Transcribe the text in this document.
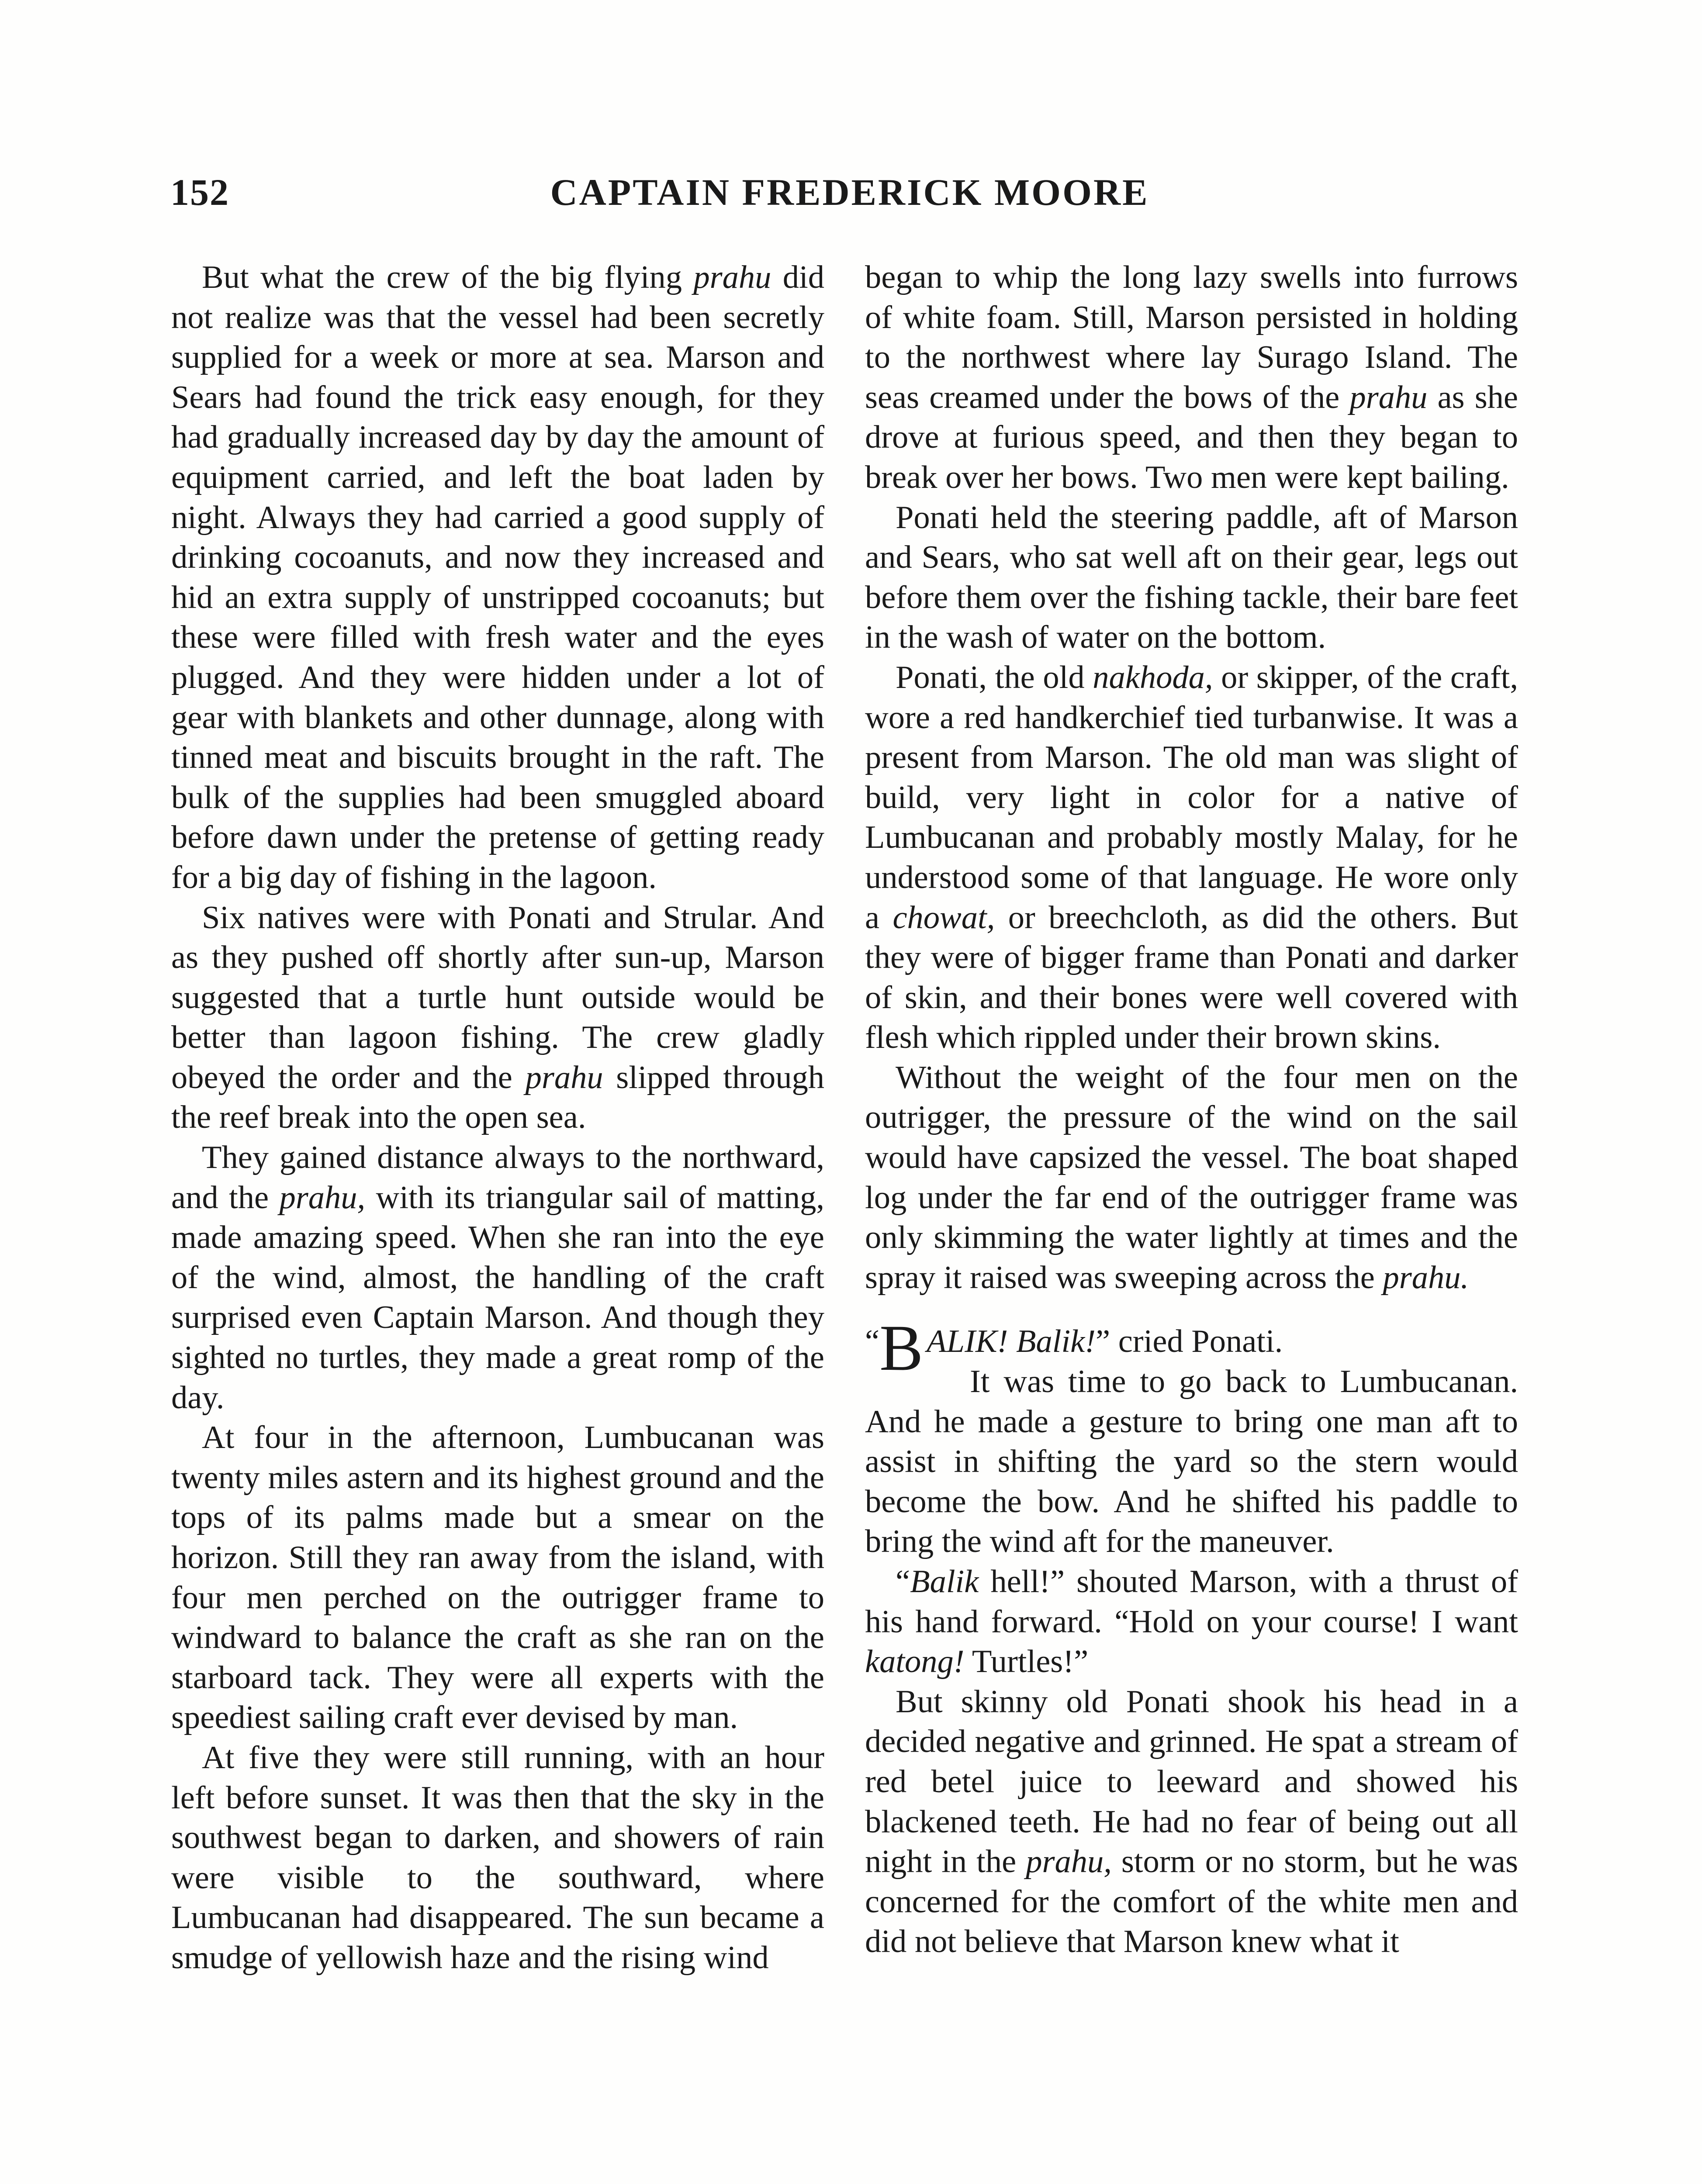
152	CAPTAIN FREDERICK MOORE

But what the crew of the big flying prahu did not realize was that the vessel had been secretly supplied for a week or more at sea. Marson and Sears had found the trick easy enough, for they had gradually increased day by day the amount of equipment carried, and left the boat laden by night. Always they had carried a good supply of drinking cocoanuts, and now they increased and hid an extra supply of unstripped cocoanuts; but these were filled with fresh water and the eyes plugged. And they were hidden under a lot of gear with blankets and other dunnage, along with tinned meat and biscuits brought in the raft. The bulk of the supplies had been smuggled aboard before dawn under the pretense of getting ready for a big day of fishing in the lagoon.

Six natives were with Ponati and Strular. And as they pushed off shortly after sun-up, Marson suggested that a turtle hunt outside would be better than lagoon fishing. The crew gladly obeyed the order and the prahu slipped through the reef break into the open sea.

They gained distance always to the northward, and the prahu, with its triangular sail of matting, made amazing speed. When she ran into the eye of the wind, almost, the handling of the craft surprised even Captain Marson. And though they sighted no turtles, they made a great romp of the day.

At four in the afternoon, Lumbucanan was twenty miles astern and its highest ground and the tops of its palms made but a smear on the horizon. Still they ran away from the island, with four men perched on the outrigger frame to windward to balance the craft as she ran on the starboard tack. They were all experts with the speediest sailing craft ever devised by man.

At five they were still running, with an hour left before sunset. It was then that the sky in the southwest began to darken, and showers of rain were visible to the southward, where Lumbucanan had disappeared. The sun became a smudge of yellowish haze and the rising wind

began to whip the long lazy swells into furrows of white foam. Still, Marson persisted in holding to the northwest where lay Surago Island. The seas creamed under the bows of the prahu as she drove at furious speed, and then they began to break over her bows. Two men were kept bailing.

Ponati held the steering paddle, aft of Marson and Sears, who sat well aft on their gear, legs out before them over the fishing tackle, their bare feet in the wash of water on the bottom.

Ponati, the old nakhoda, or skipper, of the craft, wore a red handkerchief tied turbanwise. It was a present from Marson. The old man was slight of build, very light in color for a native of Lumbucanan and probably mostly Malay, for he understood some of that language. He wore only a chowat, or breechcloth, as did the others. But they were of bigger frame than Ponati and darker of skin, and their bones were well covered with flesh which rippled under their brown skins.

Without the weight of the four men on the outrigger, the pressure of the wind on the sail would have capsized the vessel. The boat shaped log under the far end of the outrigger frame was only skimming the water lightly at times and the spray it raised was sweeping across the prahu.

“ B ALIK! Balik!” cried Ponati.
It was time to go back to Lumbucanan. And he made a gesture to bring one man aft to assist in shifting the yard so the stern would become the bow. And he shifted his paddle to bring the wind aft for the maneuver.

“Balik hell!” shouted Marson, with a thrust of his hand forward. “Hold on your course! I want katong! Turtles!”

But skinny old Ponati shook his head in a decided negative and grinned. He spat a stream of red betel juice to leeward and showed his blackened teeth. He had no fear of being out all night in the prahu, storm or no storm, but he was concerned for the comfort of the white men and did not believe that Marson knew what it
